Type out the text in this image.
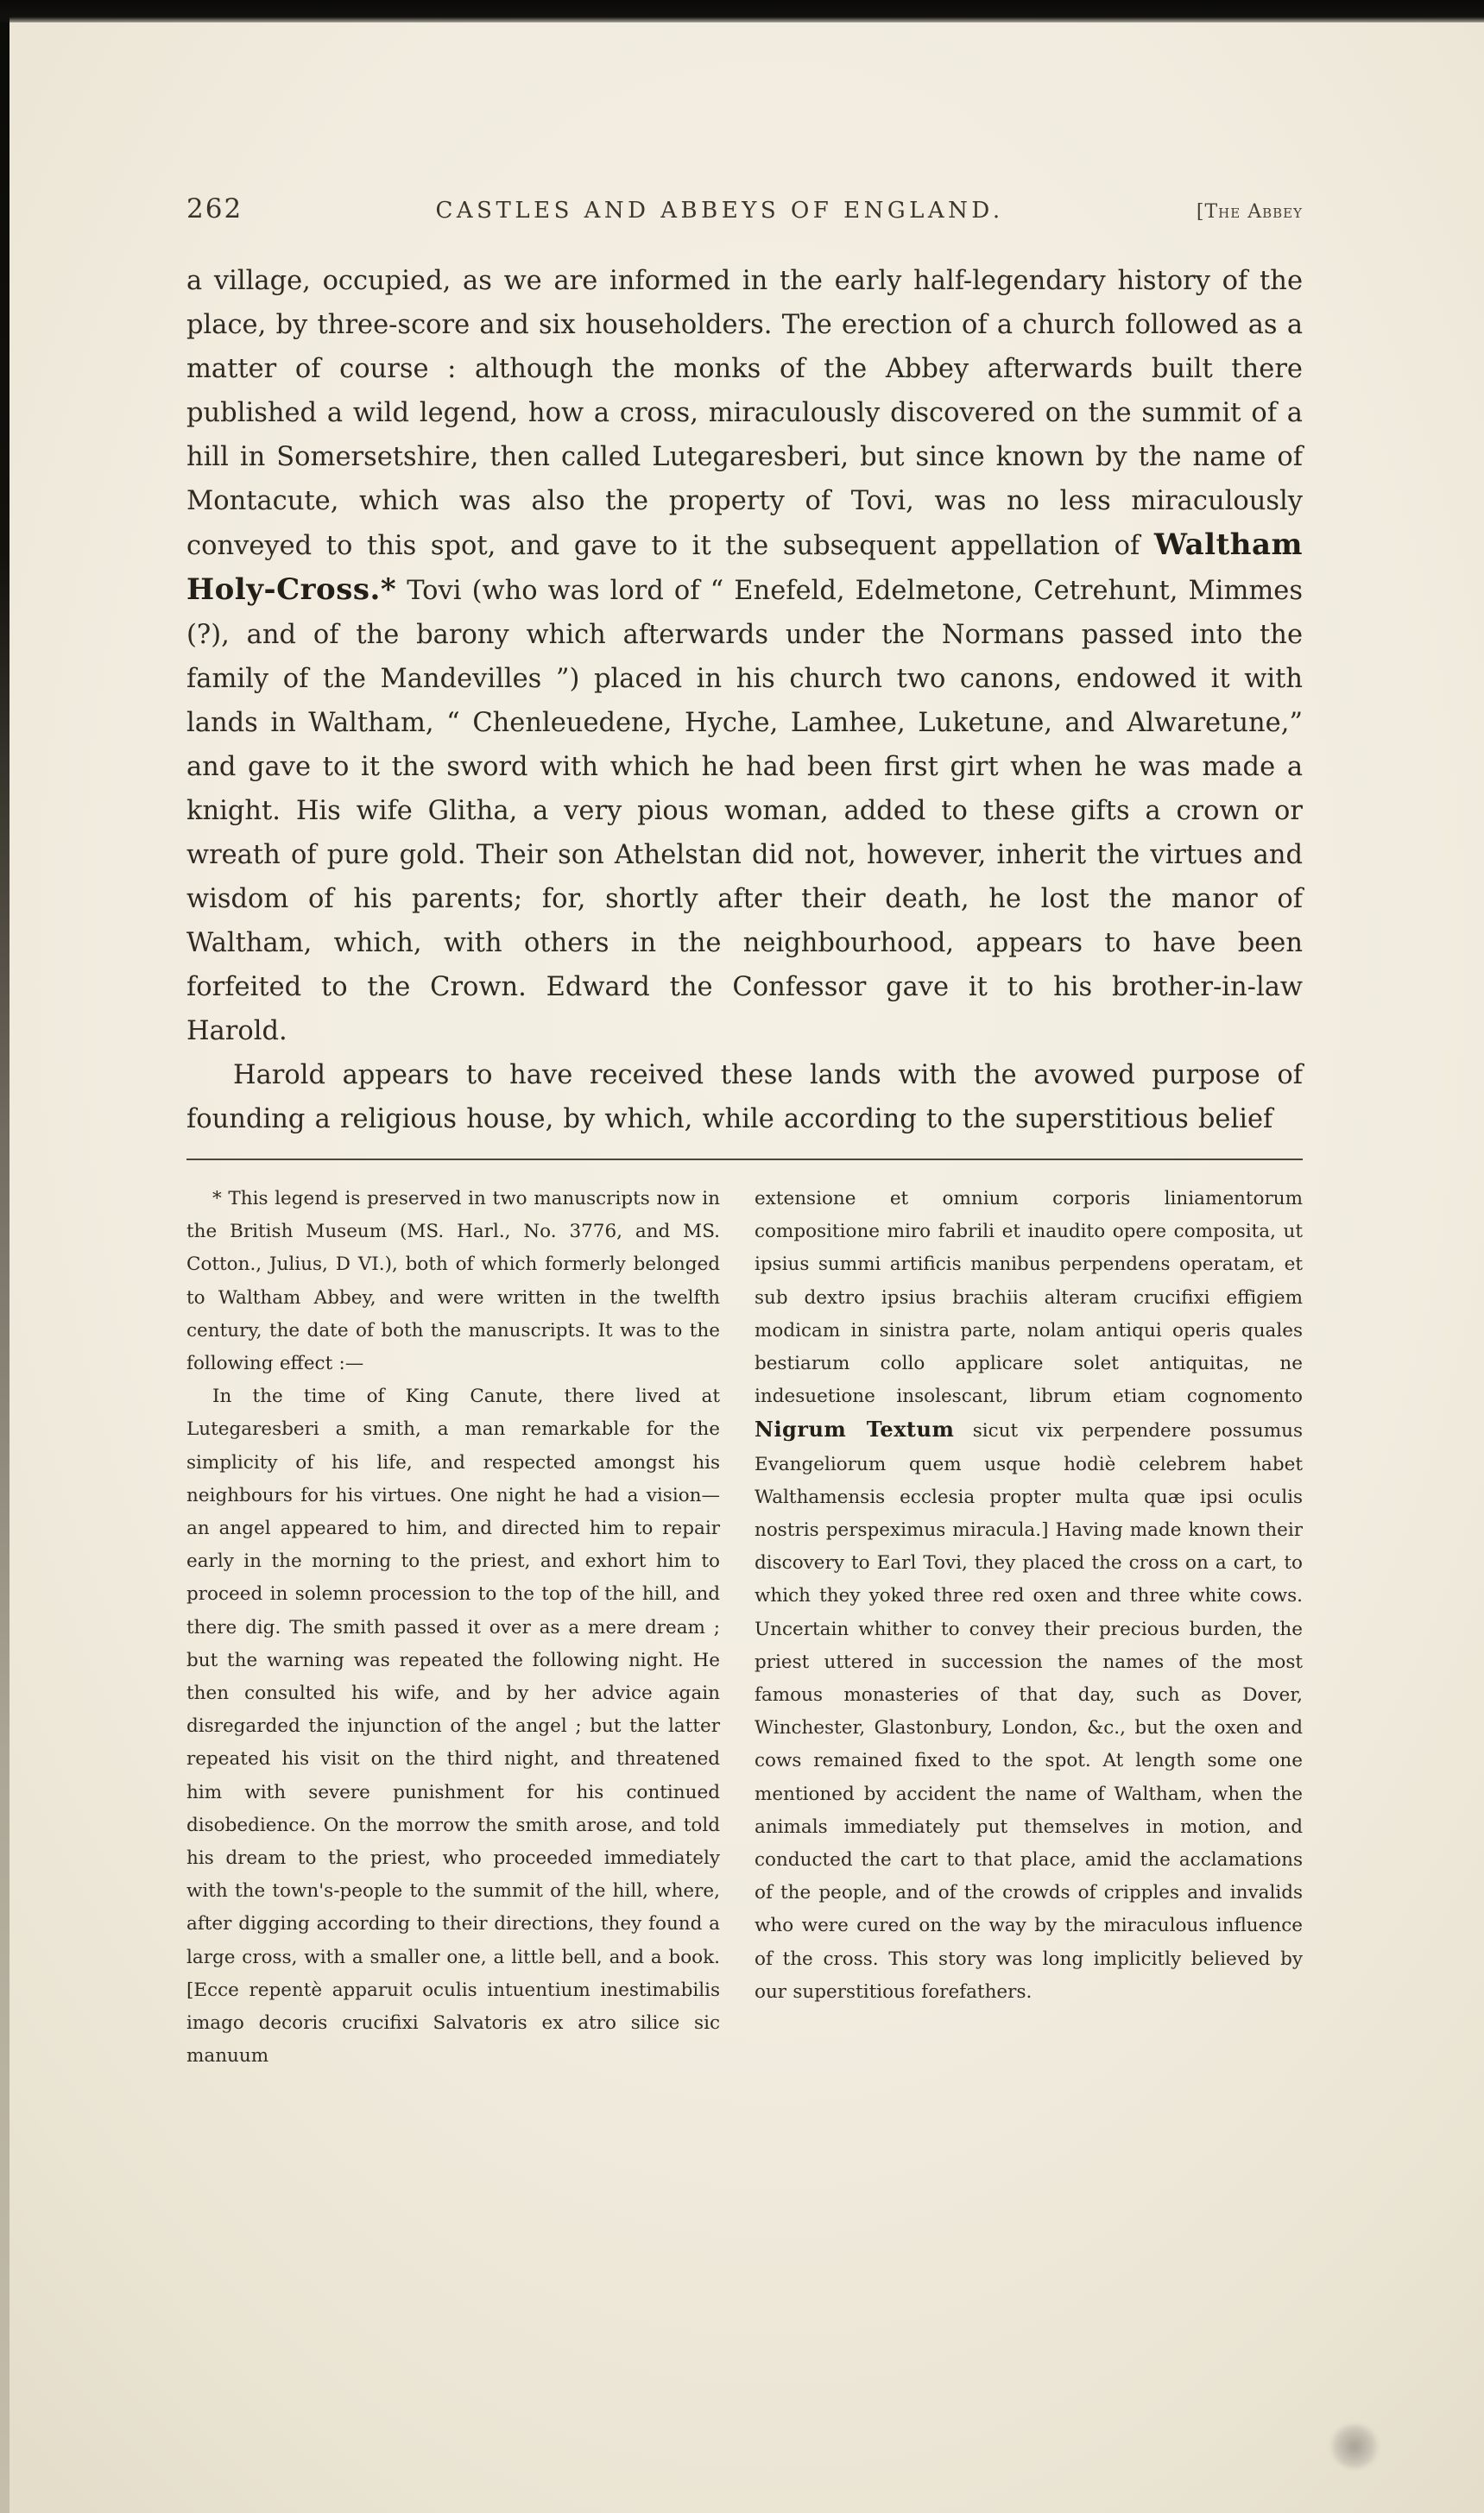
262	CASTLES AND ABBEYS OF ENGLAND.	[The Abbey

a village, occupied, as we are informed in the early half-legendary history of the place, by three-score and six householders. The erection of a church followed as a matter of course : although the monks of the Abbey afterwards built there published a wild legend, how a cross, miraculously discovered on the summit of a hill in Somersetshire, then called Lutegaresberi, but since known by the name of Montacute, which was also the property of Tovi, was no less miraculously conveyed to this spot, and gave to it the subsequent appellation of Waltham Holy-Cross.* Tovi (who was lord of “ Enefeld, Edelmetone, Cetrehunt, Mimmes (?), and of the barony which afterwards under the Normans passed into the family of the Mandevilles ”) placed in his church two canons, endowed it with lands in Waltham, “ Chenleuedene, Hyche, Lamhee, Luketune, and Alwaretune,” and gave to it the sword with which he had been first girt when he was made a knight. His wife Glitha, a very pious woman, added to these gifts a crown or wreath of pure gold. Their son Athelstan did not, however, inherit the virtues and wisdom of his parents; for, shortly after their death, he lost the manor of Waltham, which, with others in the neighbourhood, appears to have been forfeited to the Crown. Edward the Confessor gave it to his brother-in-law Harold.

Harold appears to have received these lands with the avowed purpose of founding a religious house, by which, while according to the superstitious belief

* This legend is preserved in two manuscripts now in the British Museum (MS. Harl., No. 3776, and MS. Cotton., Julius, D VI.), both of which formerly belonged to Waltham Abbey, and were written in the twelfth century, the date of both the manuscripts. It was to the following effect :—

In the time of King Canute, there lived at Lutegaresberi a smith, a man remarkable for the simplicity of his life, and respected amongst his neighbours for his virtues. One night he had a vision—an angel appeared to him, and directed him to repair early in the morning to the priest, and exhort him to proceed in solemn procession to the top of the hill, and there dig. The smith passed it over as a mere dream ; but the warning was repeated the following night. He then consulted his wife, and by her advice again disregarded the injunction of the angel ; but the latter repeated his visit on the third night, and threatened him with severe punishment for his continued disobedience. On the morrow the smith arose, and told his dream to the priest, who proceeded immediately with the town's-people to the summit of the hill, where, after digging according to their directions, they found a large cross, with a smaller one, a little bell, and a book. [Ecce repentè apparuit oculis intuentium inestimabilis imago decoris crucifixi Salvatoris ex atro silice sic manuum

extensione et omnium corporis liniamentorum compositione miro fabrili et inaudito opere composita, ut ipsius summi artificis manibus perpendens operatam, et sub dextro ipsius brachiis alteram crucifixi effigiem modicam in sinistra parte, nolam antiqui operis quales bestiarum collo applicare solet antiquitas, ne indesuetione insolescant, librum etiam cognomento Nigrum Textum sicut vix perpendere possumus Evangeliorum quem usque hodiè celebrem habet Walthamensis ecclesia propter multa quæ ipsi oculis nostris perspeximus miracula.] Having made known their discovery to Earl Tovi, they placed the cross on a cart, to which they yoked three red oxen and three white cows. Uncertain whither to convey their precious burden, the priest uttered in succession the names of the most famous monasteries of that day, such as Dover, Winchester, Glastonbury, London, &c., but the oxen and cows remained fixed to the spot. At length some one mentioned by accident the name of Waltham, when the animals immediately put themselves in motion, and conducted the cart to that place, amid the acclamations of the people, and of the crowds of cripples and invalids who were cured on the way by the miraculous influence of the cross. This story was long implicitly believed by our superstitious forefathers.
